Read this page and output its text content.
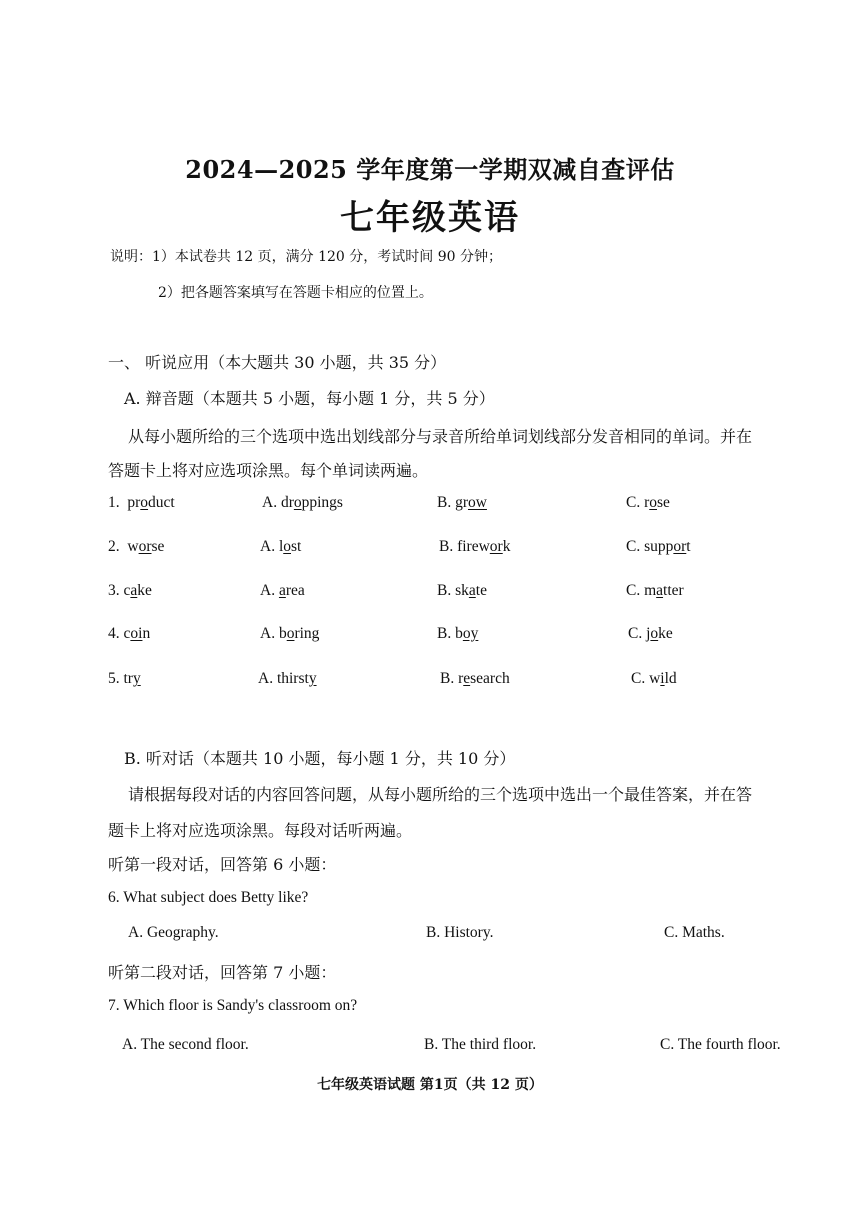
2024—2025 学年度第一学期双减自查评估
七年级英语
说明：1）本试卷共 12 页，满分 120 分，考试时间 90 分钟；
2）把各题答案填写在答题卡相应的位置上。
一、 听说应用（本大题共 30 小题，共 35 分）
A. 辩音题（本题共 5 小题，每小题 1 分，共 5 分）
从每小题所给的三个选项中选出划线部分与录音所给单词划线部分发音相同的单词。并在
答题卡上将对应选项涂黑。每个单词读两遍。
1. product	A. droppings	B. grow	C. rose
2. worse	A. lost	B. firework	C. support
3. cake	A. area	B. skate	C. matter
4. coin	A. boring	B. boy	C. joke
5. try	A. thirsty	B. research	C. wild
B. 听对话（本题共 10 小题，每小题 1 分，共 10 分）
请根据每段对话的内容回答问题，从每小题所给的三个选项中选出一个最佳答案，并在答
题卡上将对应选项涂黑。每段对话听两遍。
听第一段对话，回答第 6 小题：
6. What subject does Betty like?
A. Geography.	B. History.	C. Maths.
听第二段对话，回答第 7 小题：
7. Which floor is Sandy's classroom on?
A. The second floor.	B. The third floor.	C. The fourth floor.
七年级英语试题 第1页（共 12 页）
